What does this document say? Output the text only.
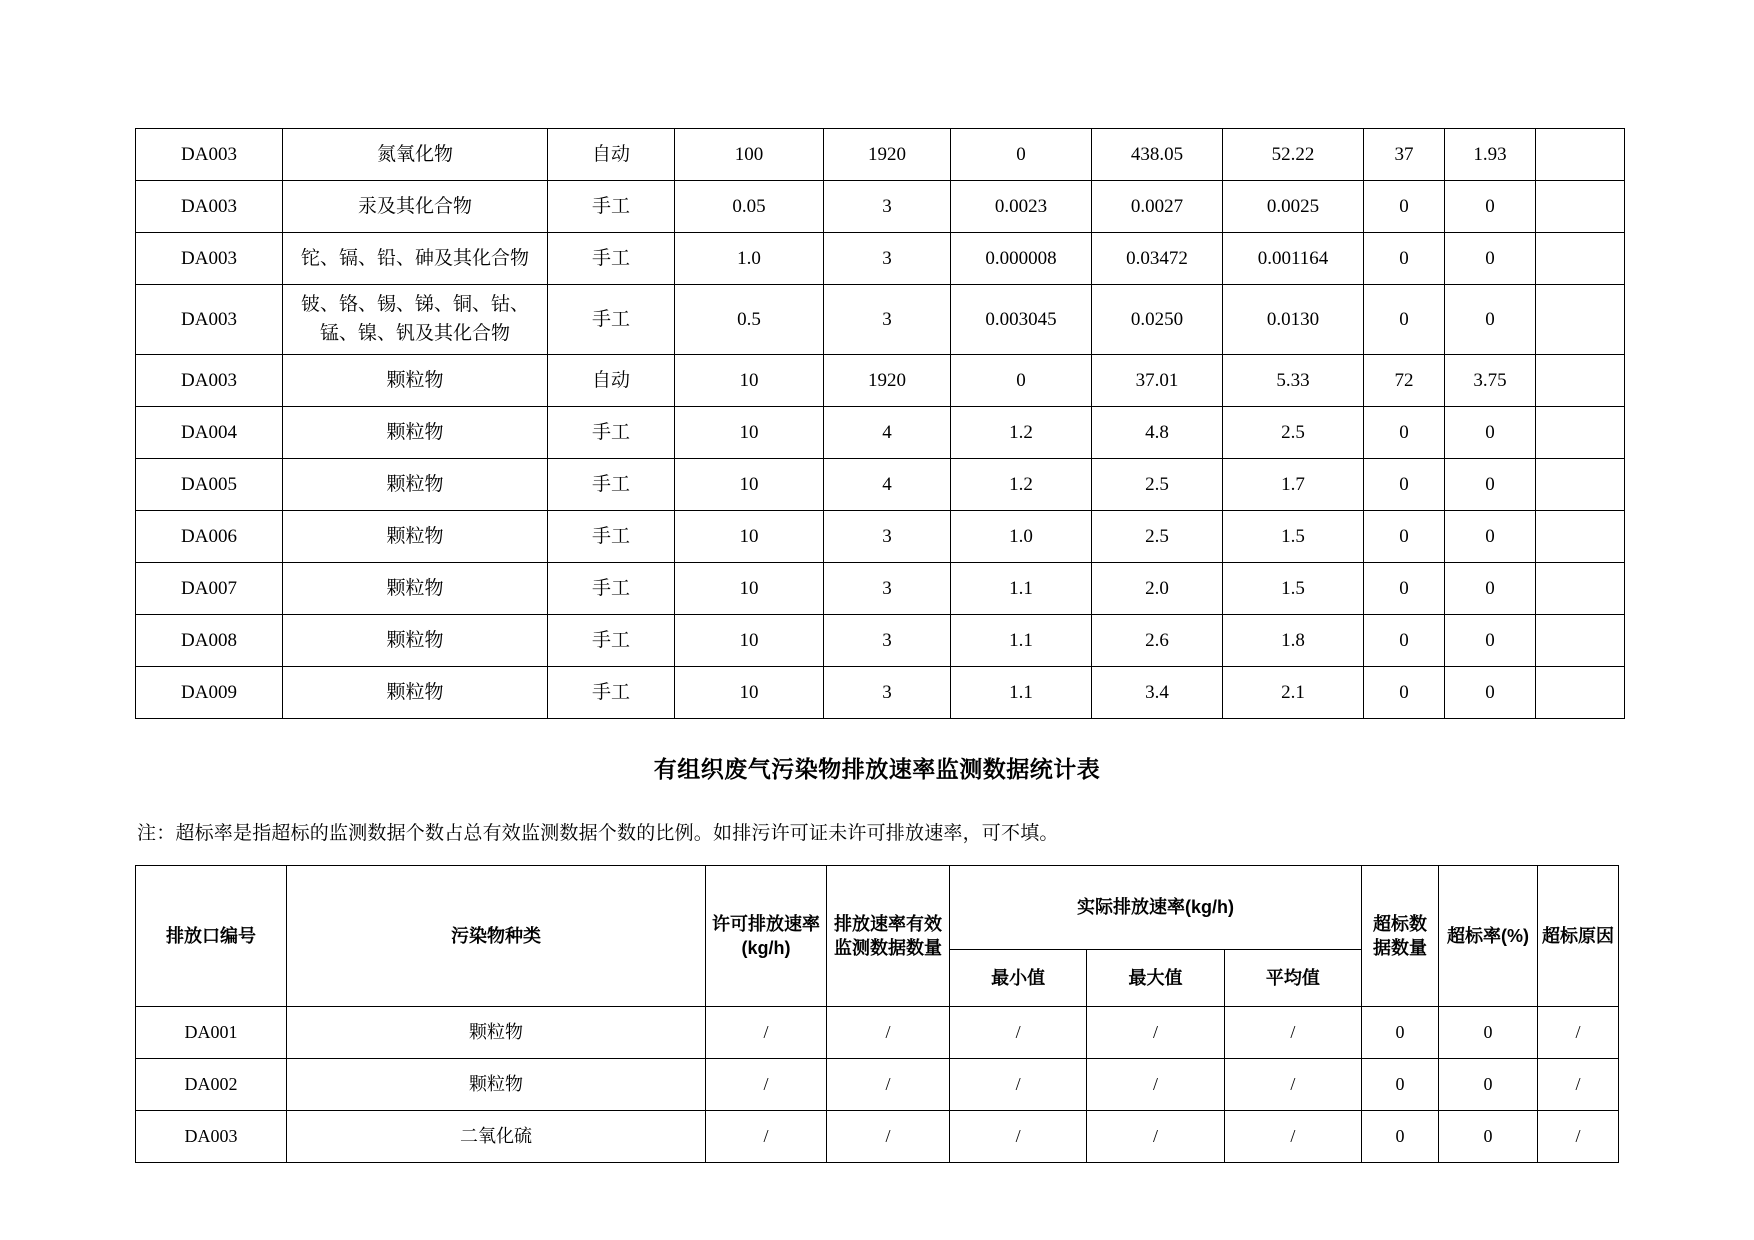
DA003	氮氧化物	自动	100	1920	0	438.05	52.22	37	1.93	
DA003	汞及其化合物	手工	0.05	3	0.0023	0.0027	0.0025	0	0	
DA003	铊、镉、铅、砷及其化合物	手工	1.0	3	0.000008	0.03472	0.001164	0	0	
DA003	铍、铬、锡、锑、铜、钴、
锰、镍、钒及其化合物	手工	0.5	3	0.003045	0.0250	0.0130	0	0	
DA003	颗粒物	自动	10	1920	0	37.01	5.33	72	3.75	
DA004	颗粒物	手工	10	4	1.2	4.8	2.5	0	0	
DA005	颗粒物	手工	10	4	1.2	2.5	1.7	0	0	
DA006	颗粒物	手工	10	3	1.0	2.5	1.5	0	0	
DA007	颗粒物	手工	10	3	1.1	2.0	1.5	0	0	
DA008	颗粒物	手工	10	3	1.1	2.6	1.8	0	0	
DA009	颗粒物	手工	10	3	1.1	3.4	2.1	0	0	
有组织废气污染物排放速率监测数据统计表
注：超标率是指超标的监测数据个数占总有效监测数据个数的比例。如排污许可证未许可排放速率，可不填。
排放口编号	污染物种类	许可排放速率(kg/h)	排放速率有效监测数据数量	实际排放速率(kg/h)			超标数据数量	超标率(%)	超标原因
				最小值	最大值	平均值			
DA001	颗粒物	/	/	/	/	/	0	0	/
DA002	颗粒物	/	/	/	/	/	0	0	/
DA003	二氧化硫	/	/	/	/	/	0	0	/
